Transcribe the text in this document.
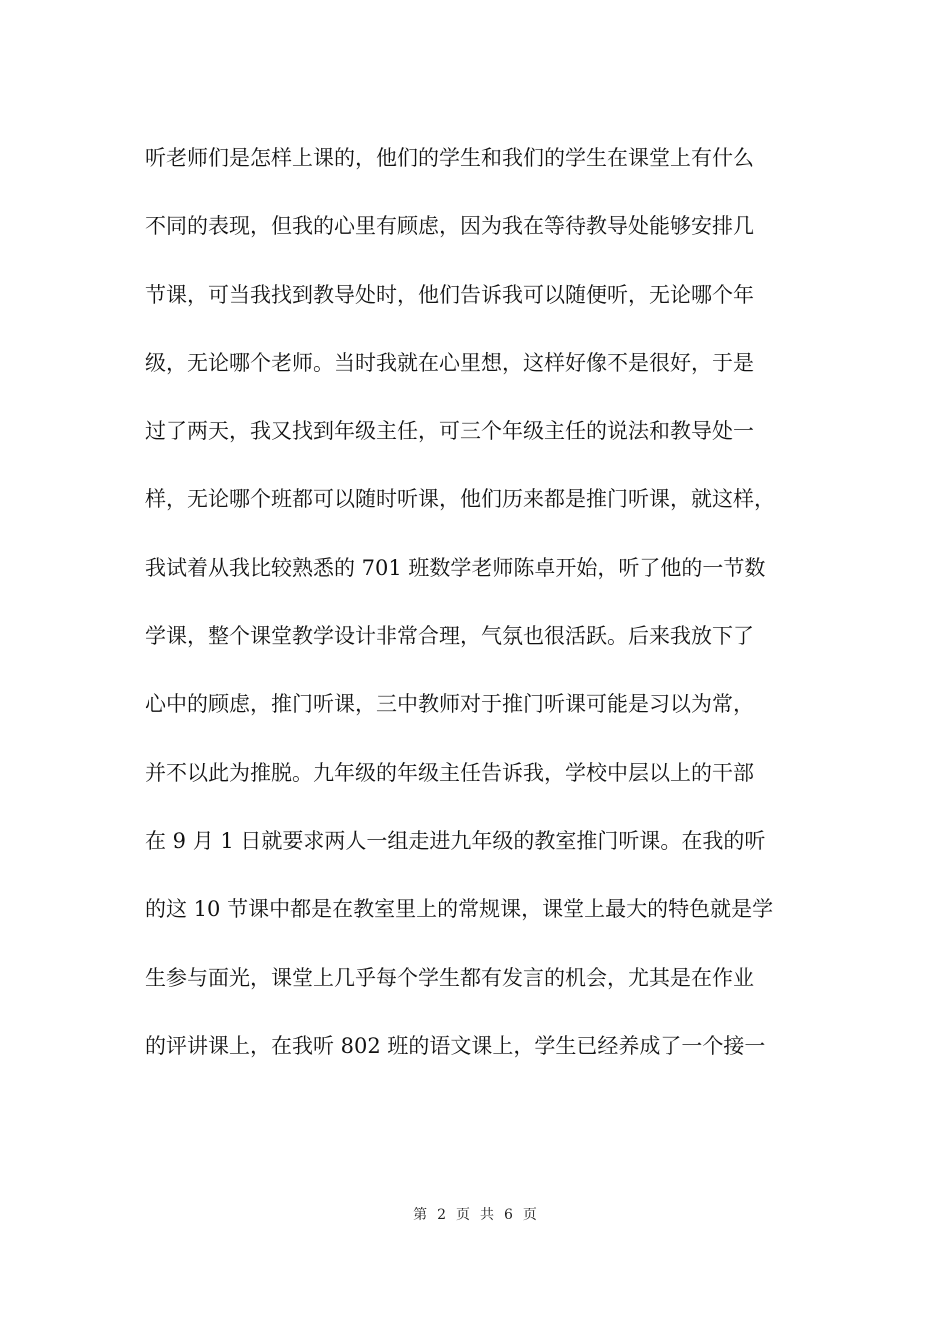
听老师们是怎样上课的，他们的学生和我们的学生在课堂上有什么
不同的表现，但我的心里有顾虑，因为我在等待教导处能够安排几
节课，可当我找到教导处时，他们告诉我可以随便听，无论哪个年
级，无论哪个老师。当时我就在心里想，这样好像不是很好，于是
过了两天，我又找到年级主任，可三个年级主任的说法和教导处一
样，无论哪个班都可以随时听课，他们历来都是推门听课，就这样，
我试着从我比较熟悉的 701 班数学老师陈卓开始，听了他的一节数
学课，整个课堂教学设计非常合理，气氛也很活跃。后来我放下了
心中的顾虑，推门听课，三中教师对于推门听课可能是习以为常，
并不以此为推脱。九年级的年级主任告诉我，学校中层以上的干部
在 9 月 1 日就要求两人一组走进九年级的教室推门听课。在我的听
的这 10 节课中都是在教室里上的常规课，课堂上最大的特色就是学
生参与面光，课堂上几乎每个学生都有发言的机会，尤其是在作业
的评讲课上，在我听 802 班的语文课上，学生已经养成了一个接一
第 2 页 共 6 页
